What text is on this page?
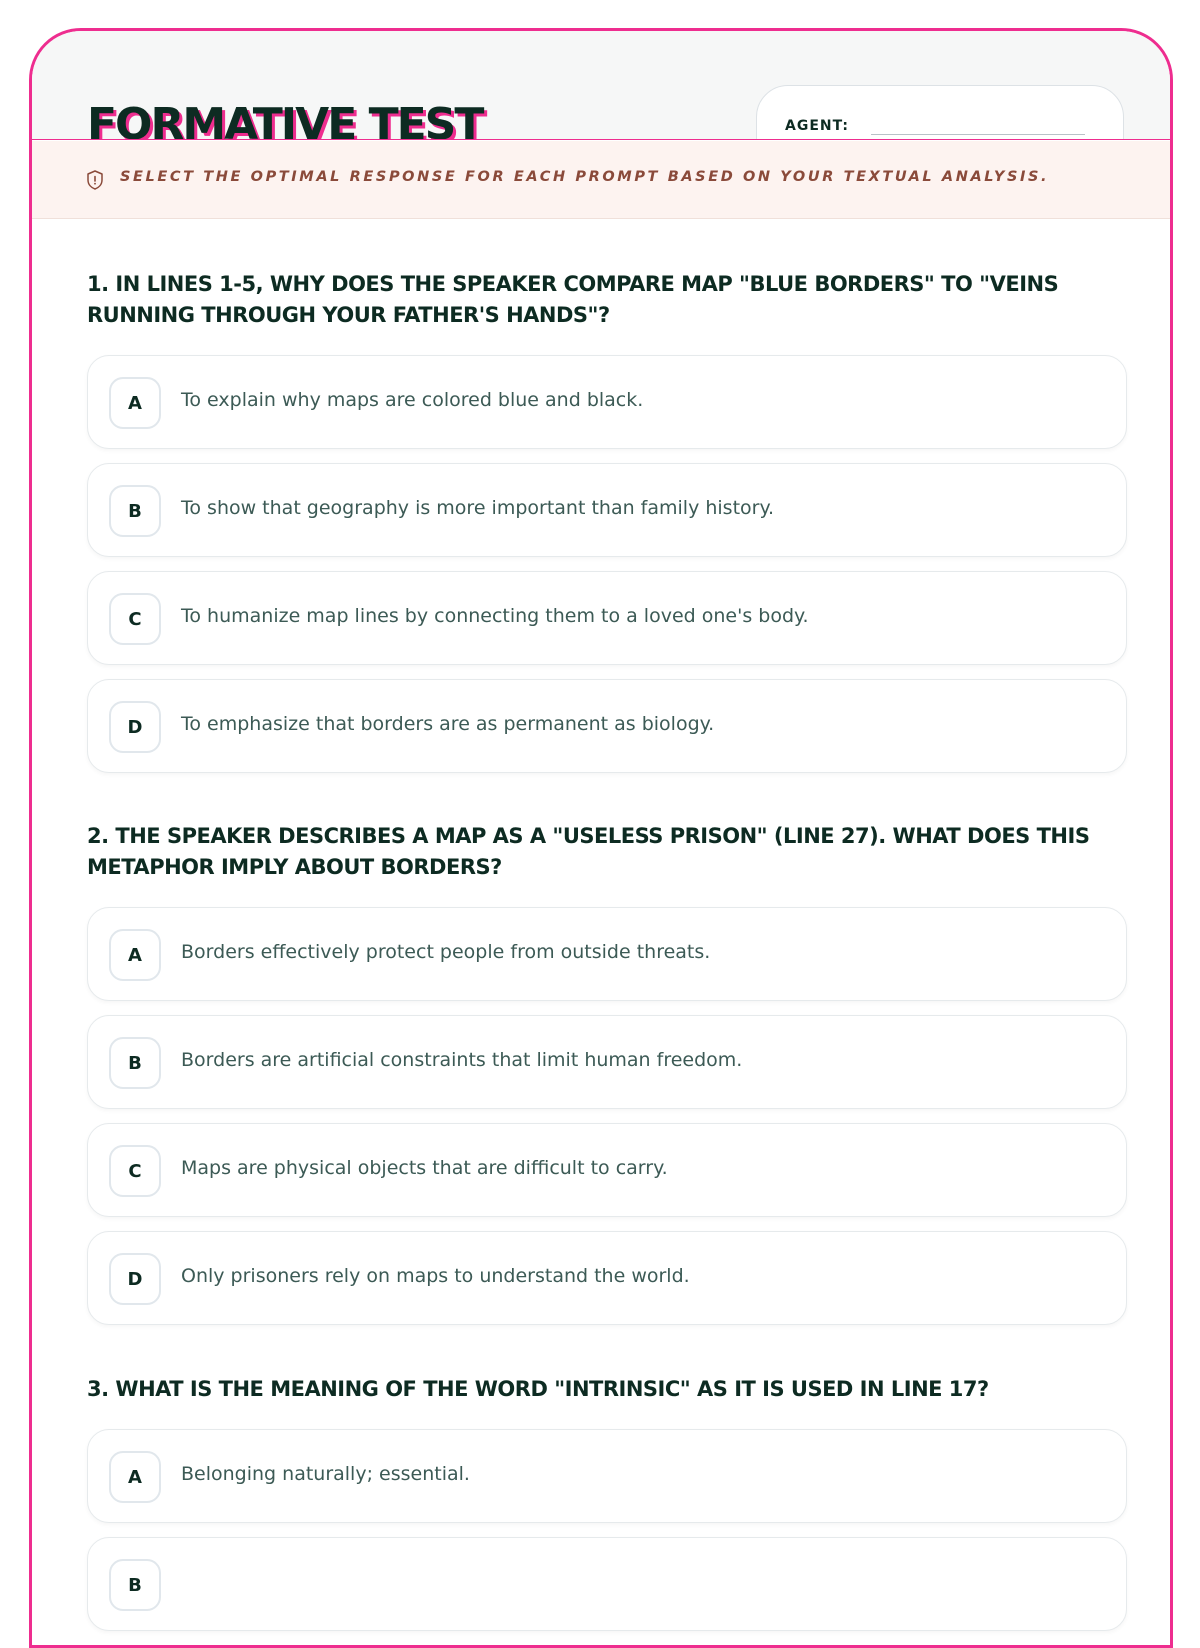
FORMATIVE TEST	AGENT:
SELECT THE OPTIMAL RESPONSE FOR EACH PROMPT BASED ON YOUR TEXTUAL ANALYSIS.
1. IN LINES 1-5, WHY DOES THE SPEAKER COMPARE MAP "BLUE BORDERS" TO "VEINS RUNNING THROUGH YOUR FATHER'S HANDS"?
A	To explain why maps are colored blue and black.
B	To show that geography is more important than family history.
C	To humanize map lines by connecting them to a loved one's body.
D	To emphasize that borders are as permanent as biology.
2. THE SPEAKER DESCRIBES A MAP AS A "USELESS PRISON" (LINE 27). WHAT DOES THIS METAPHOR IMPLY ABOUT BORDERS?
A	Borders effectively protect people from outside threats.
B	Borders are artificial constraints that limit human freedom.
C	Maps are physical objects that are difficult to carry.
D	Only prisoners rely on maps to understand the world.
3. WHAT IS THE MEANING OF THE WORD "INTRINSIC" AS IT IS USED IN LINE 17?
A	Belonging naturally; essential.
B
